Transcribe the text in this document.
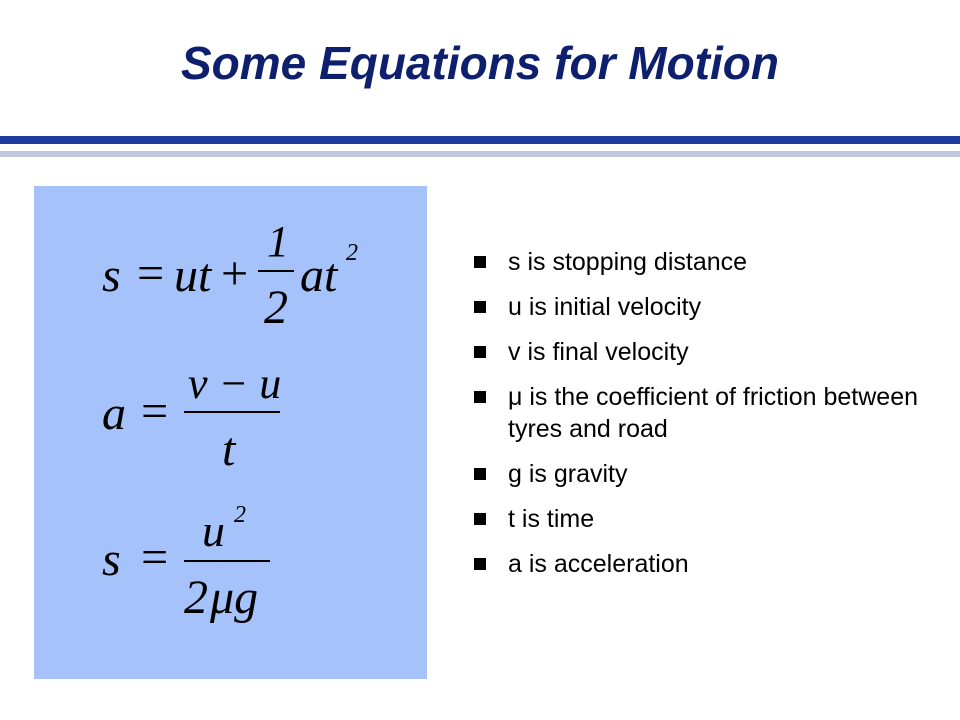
Some Equations for Motion
s = ut +
1
2
at 2
a =
v − u
t
s =
u 2
2 μg
s is stopping distance
u is initial velocity
v is final velocity
μ is the coefficient of friction between tyres and road
g is gravity
t is time
a is acceleration
